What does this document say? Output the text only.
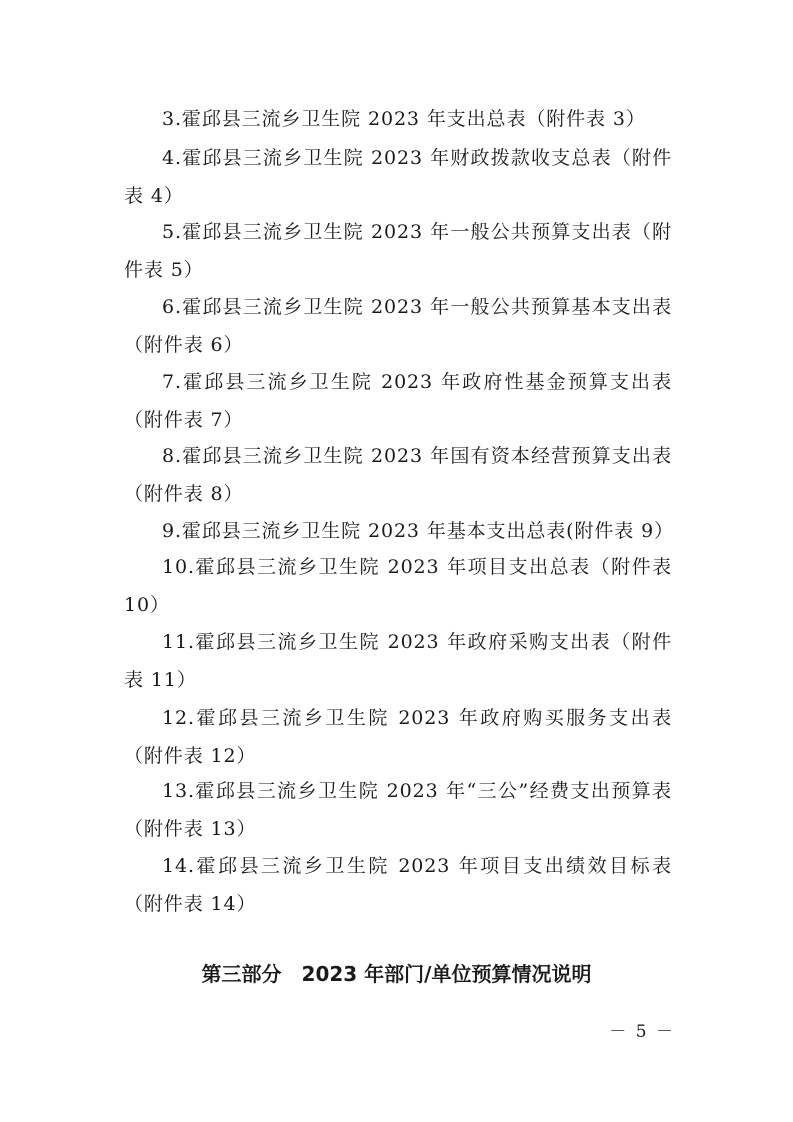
3.霍邱县三流乡卫生院 2023 年支出总表（附件表 3）

4.霍邱县三流乡卫生院 2023 年财政拨款收支总表（附件表 4）

5.霍邱县三流乡卫生院 2023 年一般公共预算支出表（附件表 5）

6.霍邱县三流乡卫生院 2023 年一般公共预算基本支出表（附件表 6）

7.霍邱县三流乡卫生院 2023 年政府性基金预算支出表（附件表 7）

8.霍邱县三流乡卫生院 2023 年国有资本经营预算支出表（附件表 8）

9.霍邱县三流乡卫生院 2023 年基本支出总表(附件表 9）

10.霍邱县三流乡卫生院 2023 年项目支出总表（附件表 10）

11.霍邱县三流乡卫生院 2023 年政府采购支出表（附件表 11）

12.霍邱县三流乡卫生院 2023 年政府购买服务支出表（附件表 12）

13.霍邱县三流乡卫生院 2023 年“三公”经费支出预算表（附件表 13）

14.霍邱县三流乡卫生院 2023 年项目支出绩效目标表（附件表 14）

第三部分　2023 年部门/单位预算情况说明
－ 5 －
